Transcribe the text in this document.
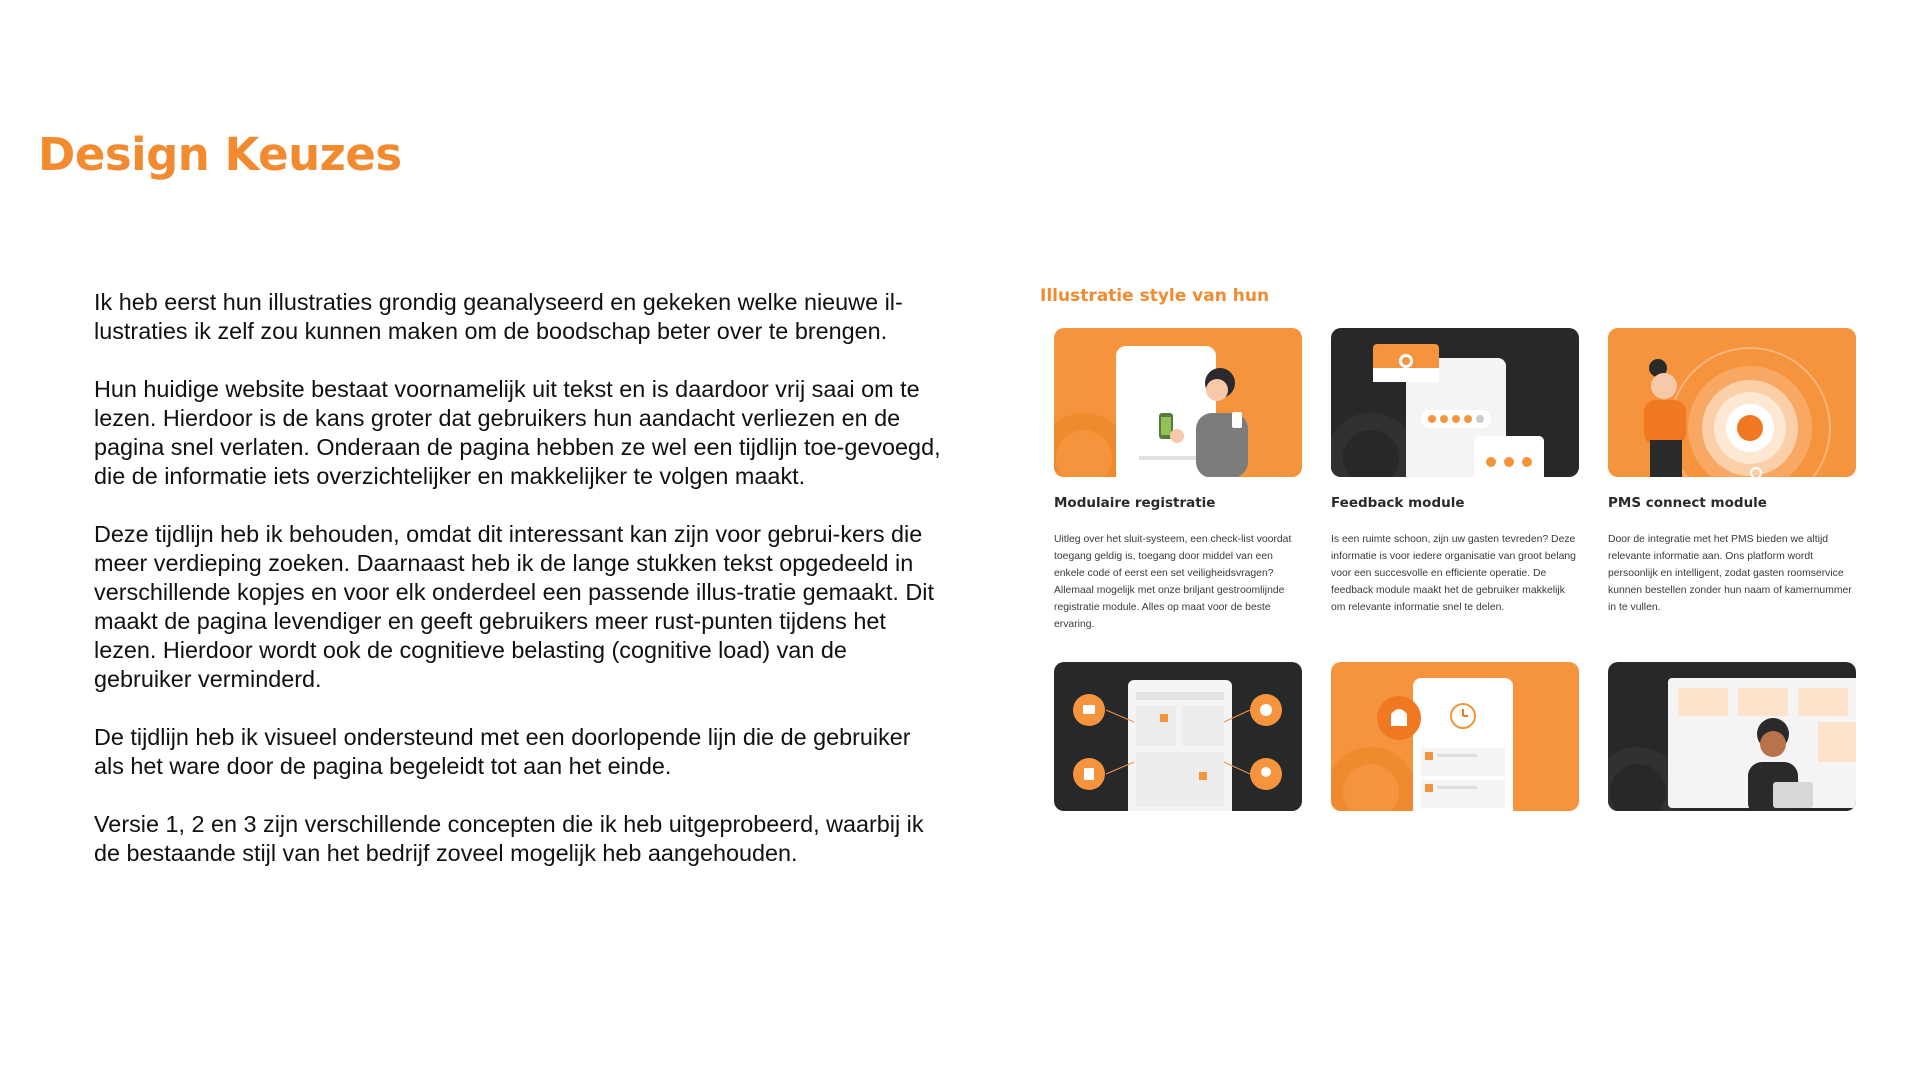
Design Keuzes

Ik heb eerst hun illustraties grondig geanalyseerd en gekeken welke nieuwe il-lustraties ik zelf zou kunnen maken om de boodschap beter over te brengen.

Hun huidige website bestaat voornamelijk uit tekst en is daardoor vrij saai om te lezen. Hierdoor is de kans groter dat gebruikers hun aandacht verliezen en de pagina snel verlaten. Onderaan de pagina hebben ze wel een tijdlijn toe-gevoegd, die de informatie iets overzichtelijker en makkelijker te volgen maakt.

Deze tijdlijn heb ik behouden, omdat dit interessant kan zijn voor gebrui-kers die meer verdieping zoeken. Daarnaast heb ik de lange stukken tekst opgedeeld in verschillende kopjes en voor elk onderdeel een passende illus-tratie gemaakt. Dit maakt de pagina levendiger en geeft gebruikers meer rust-punten tijdens het lezen. Hierdoor wordt ook de cognitieve belasting (cognitive load) van de gebruiker verminderd.

De tijdlijn heb ik visueel ondersteund met een doorlopende lijn die de gebruiker als het ware door de pagina begeleidt tot aan het einde.

Versie 1, 2 en 3 zijn verschillende concepten die ik heb uitgeprobeerd, waarbij ik de bestaande stijl van het bedrijf zoveel mogelijk heb aangehouden.

Illustratie style van hun
Modulaire registratie

Uitleg over het sluit-systeem, een check-list voordat toegang geldig is, toegang door middel van een enkele code of eerst een set veiligheidsvragen? Allemaal mogelijk met onze briljant gestroomlijnde registratie module. Alles op maat voor de beste ervaring.

Feedback module

Is een ruimte schoon, zijn uw gasten tevreden? Deze informatie is voor iedere organisatie van groot belang voor een succesvolle en efficiente operatie. De feedback module maakt het de gebruiker makkelijk om relevante informatie snel te delen.

PMS connect module

Door de integratie met het PMS bieden we altijd relevante informatie aan. Ons platform wordt persoonlijk en intelligent, zodat gasten roomservice kunnen bestellen zonder hun naam of kamernummer in te vullen.
